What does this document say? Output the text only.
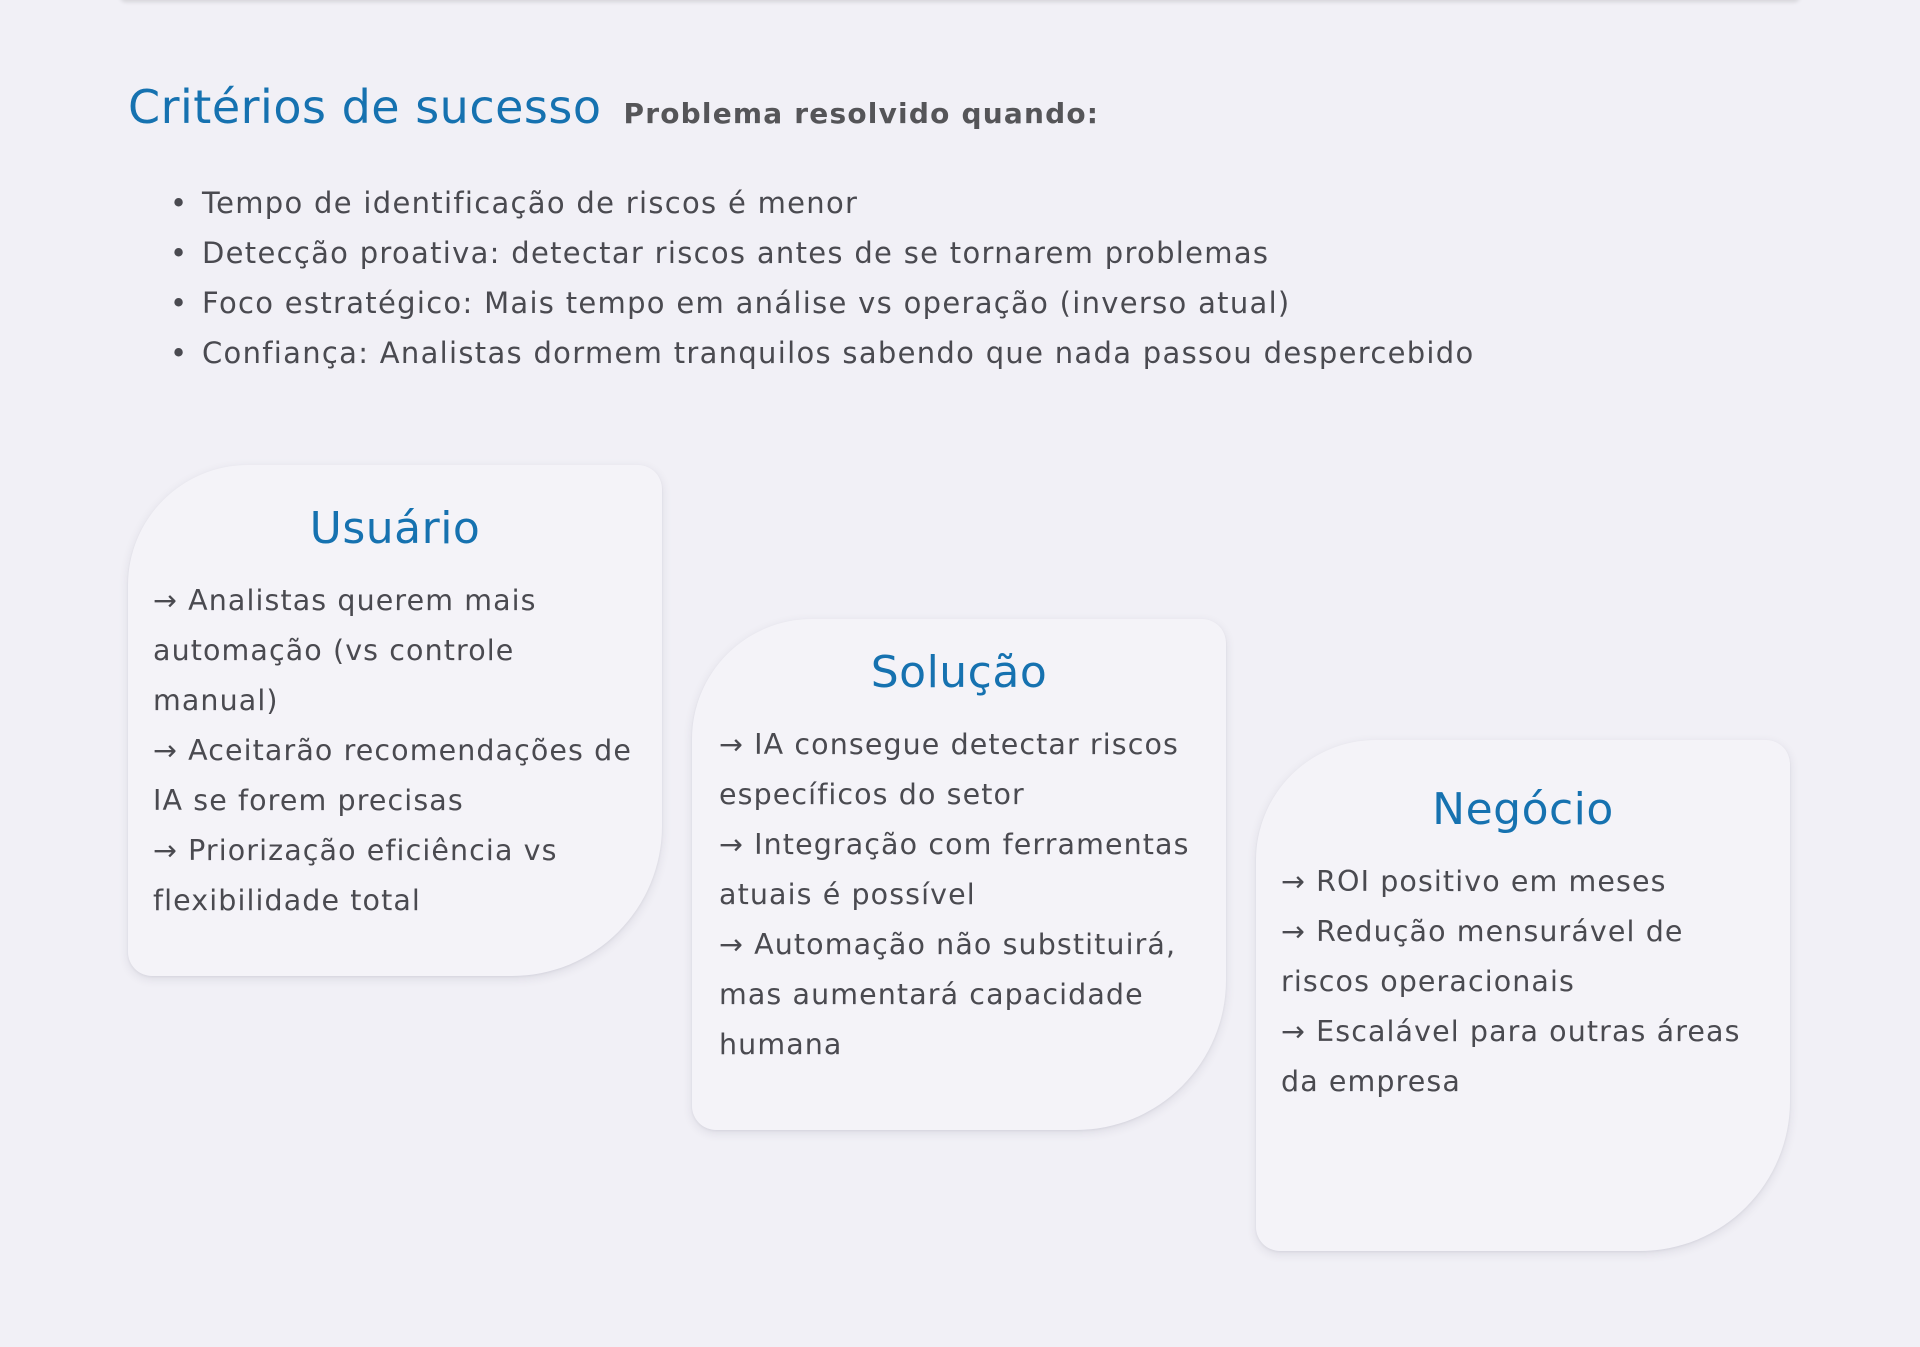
Critérios de sucesso Problema resolvido quando:
• Tempo de identificação de riscos é menor
• Detecção proativa: detectar riscos antes de se tornarem problemas
• Foco estratégico: Mais tempo em análise vs operação (inverso atual)
• Confiança: Analistas dormem tranquilos sabendo que nada passou despercebido
Usuário

→ Analistas querem mais automação (vs controle manual)

→ Aceitarão recomendações de IA se forem precisas

→ Priorização eficiência vs flexibilidade total

Solução

→ IA consegue detectar riscos específicos do setor

→ Integração com ferramentas atuais é possível

→ Automação não substituirá, mas aumentará capacidade humana

Negócio

→ ROI positivo em meses

→ Redução mensurável de riscos operacionais

→ Escalável para outras áreas da empresa
